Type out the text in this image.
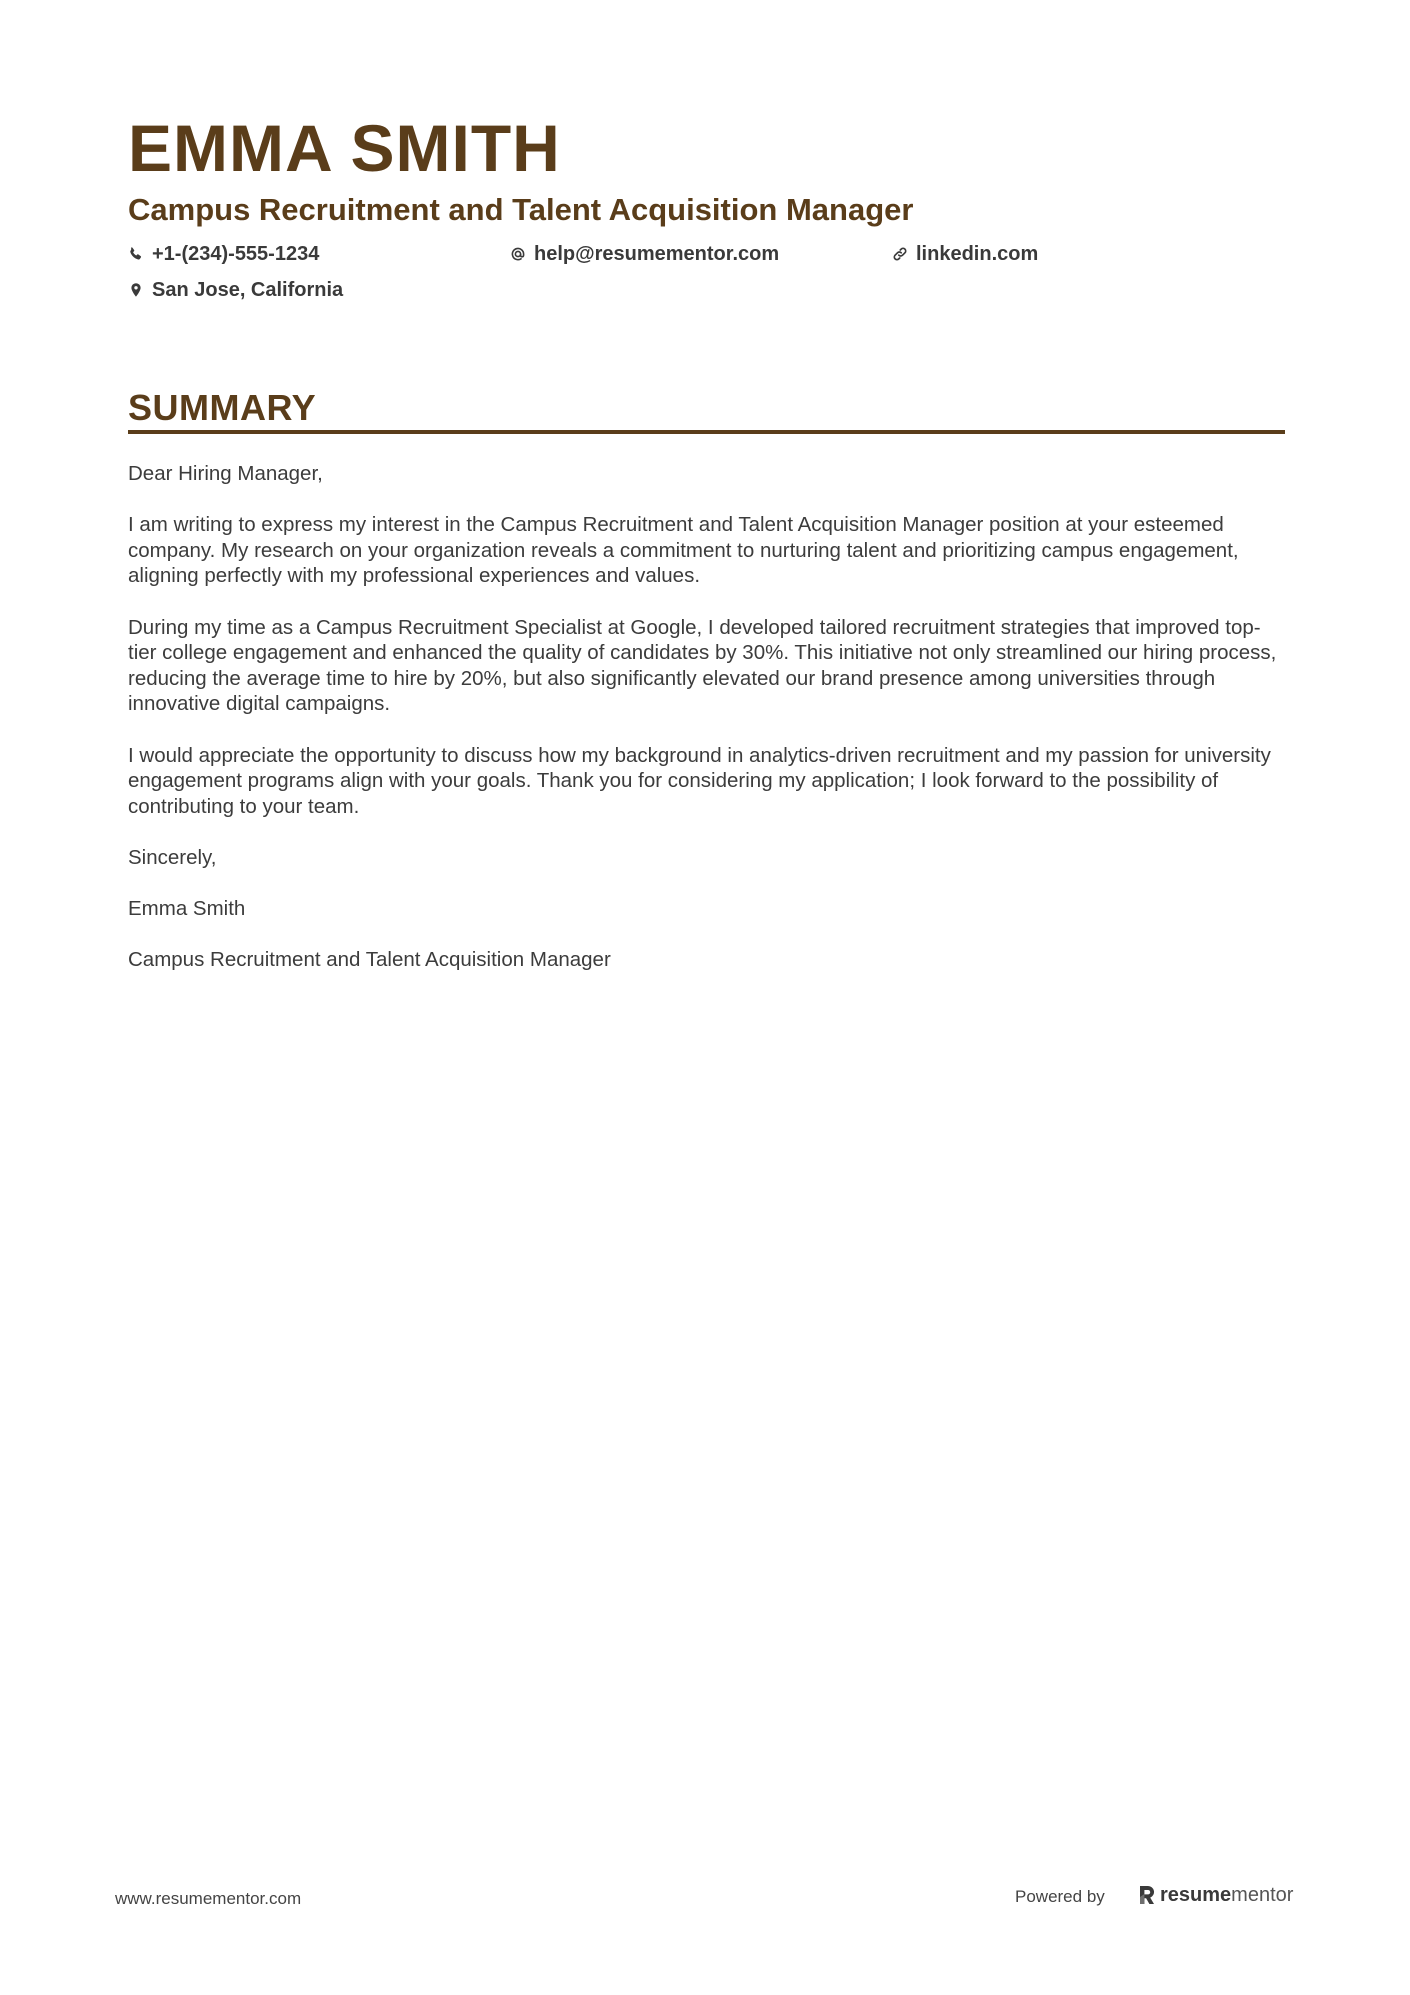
EMMA SMITH
Campus Recruitment and Talent Acquisition Manager
+1-(234)-555-1234	help@resumementor.com	linkedin.com
San Jose, California
SUMMARY

Dear Hiring Manager,

I am writing to express my interest in the Campus Recruitment and Talent Acquisition Manager position at your esteemed company. My research on your organization reveals a commitment to nurturing talent and prioritizing campus engagement, aligning perfectly with my professional experiences and values.

During my time as a Campus Recruitment Specialist at Google, I developed tailored recruitment strategies that improved top-tier college engagement and enhanced the quality of candidates by 30%. This initiative not only streamlined our hiring process, reducing the average time to hire by 20%, but also significantly elevated our brand presence among universities through innovative digital campaigns.

I would appreciate the opportunity to discuss how my background in analytics-driven recruitment and my passion for university engagement programs align with your goals. Thank you for considering my application; I look forward to the possibility of contributing to your team.

Sincerely,

Emma Smith

Campus Recruitment and Talent Acquisition Manager

www.resumementor.com	Powered by	resume mentor
